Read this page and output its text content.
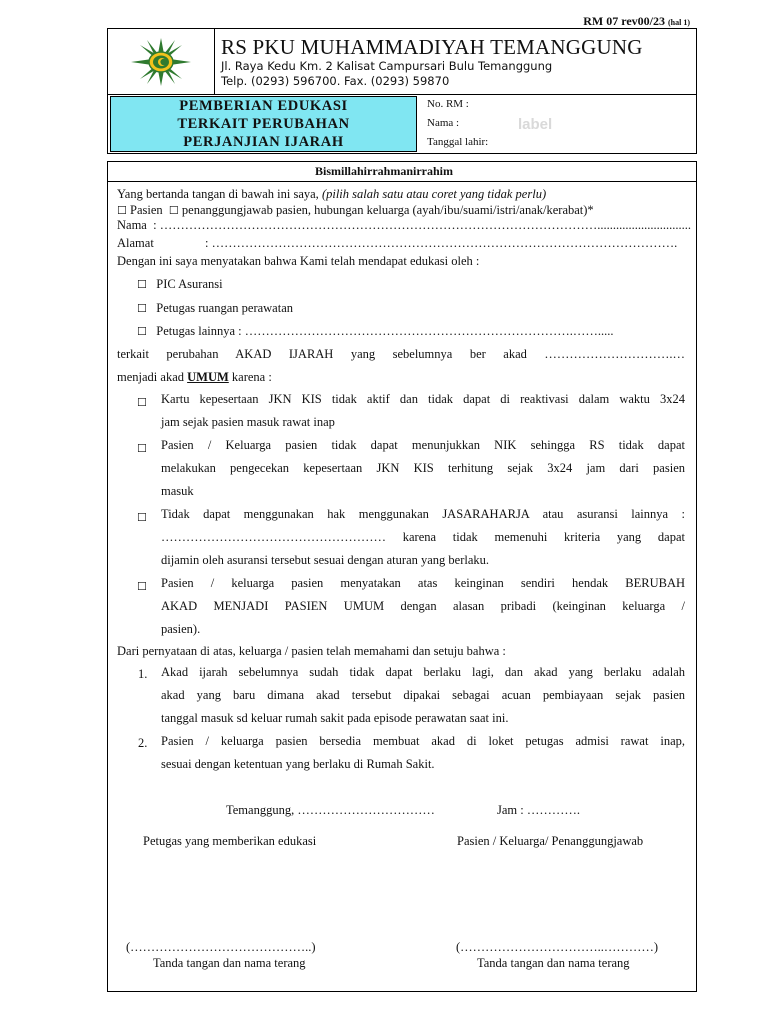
RM 07 rev00/23 (hal 1)
RS PKU MUHAMMADIYAH TEMANGGUNG
Jl. Raya Kedu Km. 2 Kalisat Campursari Bulu Temanggung
Telp. (0293) 596700. Fax. (0293) 59870
PEMBERIAN EDUKASI
TERKAIT PERUBAHAN
PERJANJIAN IJARAH
No. RM :
Nama :
Tanggal lahir:
label
Bismillahirrahmanirrahim
Yang bertanda tangan di bawah ini saya, (pilih salah satu atau coret yang tidak perlu)
☐ Pasien ☐ penanggungjawab pasien, hubungan keluarga (ayah/ibu/suami/istri/anak/kerabat)*
Nama : ……………………………………………………………………………………………..............................
Alamat	: ………………………………………………………………………………………………….
Dengan ini saya menyatakan bahwa Kami telah mendapat edukasi oleh :
☐ PIC Asuransi
☐ Petugas ruangan perawatan
☐ Petugas lainnya : …………………………………………………………………….…….....
terkait perubahan AKAD IJARAH yang sebelumnya ber akad ………………………….…
menjadi akad UMUM karena :
☐ Kartu kepesertaan JKN KIS tidak aktif dan tidak dapat di reaktivasi dalam waktu 3x24
jam sejak pasien masuk rawat inap
☐ Pasien / Keluarga pasien tidak dapat menunjukkan NIK sehingga RS tidak dapat
melakukan pengecekan kepesertaan JKN KIS terhitung sejak 3x24 jam dari pasien
masuk
☐ Tidak dapat menggunakan hak menggunakan JASARAHARJA atau asuransi lainnya :
……………………………………………… karena tidak memenuhi kriteria yang dapat
dijamin oleh asuransi tersebut sesuai dengan aturan yang berlaku.
☐ Pasien / keluarga pasien menyatakan atas keinginan sendiri hendak BERUBAH
AKAD MENJADI PASIEN UMUM dengan alasan pribadi (keinginan keluarga /
pasien).
Dari pernyataan di atas, keluarga / pasien telah memahami dan setuju bahwa :
1. Akad ijarah sebelumnya sudah tidak dapat berlaku lagi, dan akad yang berlaku adalah
akad yang baru dimana akad tersebut dipakai sebagai acuan pembiayaan sejak pasien
tanggal masuk sd keluar rumah sakit pada episode perawatan saat ini.
2. Pasien / keluarga pasien bersedia membuat akad di loket petugas admisi rawat inap,
sesuai dengan ketentuan yang berlaku di Rumah Sakit.
Temanggung, ……………………………	Jam : ………….
Petugas yang memberikan edukasi	Pasien / Keluarga/ Penanggungjawab
(……………………………………..)	(……………………………..…………)
Tanda tangan dan nama terang	Tanda tangan dan nama terang
